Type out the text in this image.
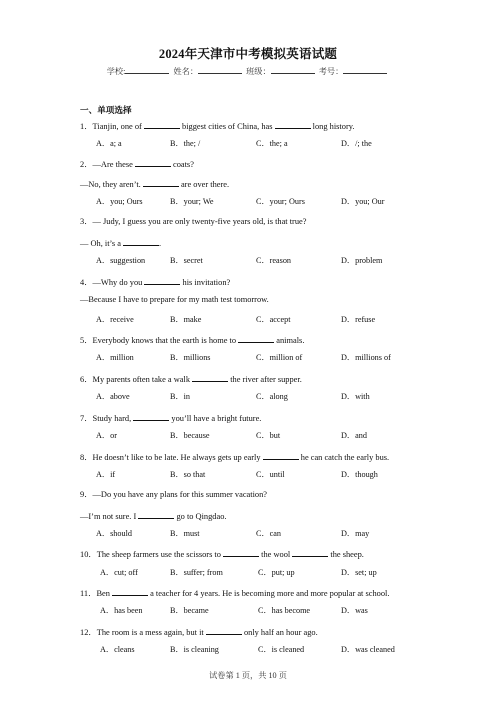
2024年天津市中考模拟英语试题
学校:	姓名：	班级：	考号：
一、单项选择
1．Tianjin, one of	biggest cities of China, has	long history.
A．a; a	B．the; /	C．the; a	D．/; the
2．—Are these	coats?
—No, they aren’t.	are over there.
A．you; Ours	B．your; We	C．your; Ours	D．you; Our
3．— Judy, I guess you are only twenty-five years old, is that true?
— Oh, it’s a	.
A．suggestion	B．secret	C．reason	D．problem
4．—Why do you	his invitation?
—Because I have to prepare for my math test tomorrow.
A．receive	B．make	C．accept	D．refuse
5．Everybody knows that the earth is home to	animals.
A．million	B．millions	C．million of	D．millions of
6．My parents often take a walk	the river after supper.
A．above	B．in	C．along	D．with
7．Study hard,	you’ll have a bright future.
A．or	B．because	C．but	D．and
8．He doesn’t like to be late. He always gets up early	he can catch the early bus.
A．if	B．so that	C．until	D．though
9．—Do you have any plans for this summer vacation?
—I’m not sure. I	go to Qingdao.
A．should	B．must	C．can	D．may
10．The sheep farmers use the scissors to	the wool	the sheep.
A．cut; off	B．suffer; from	C．put; up	D．set; up
11．Ben	a teacher for 4 years. He is becoming more and more popular at school.
A．has been	B．became	C．has become	D．was
12．The room is a mess again, but it	only half an hour ago.
A．cleans	B．is cleaning	C．is cleaned	D．was cleaned
试卷第 1 页，共 10 页
